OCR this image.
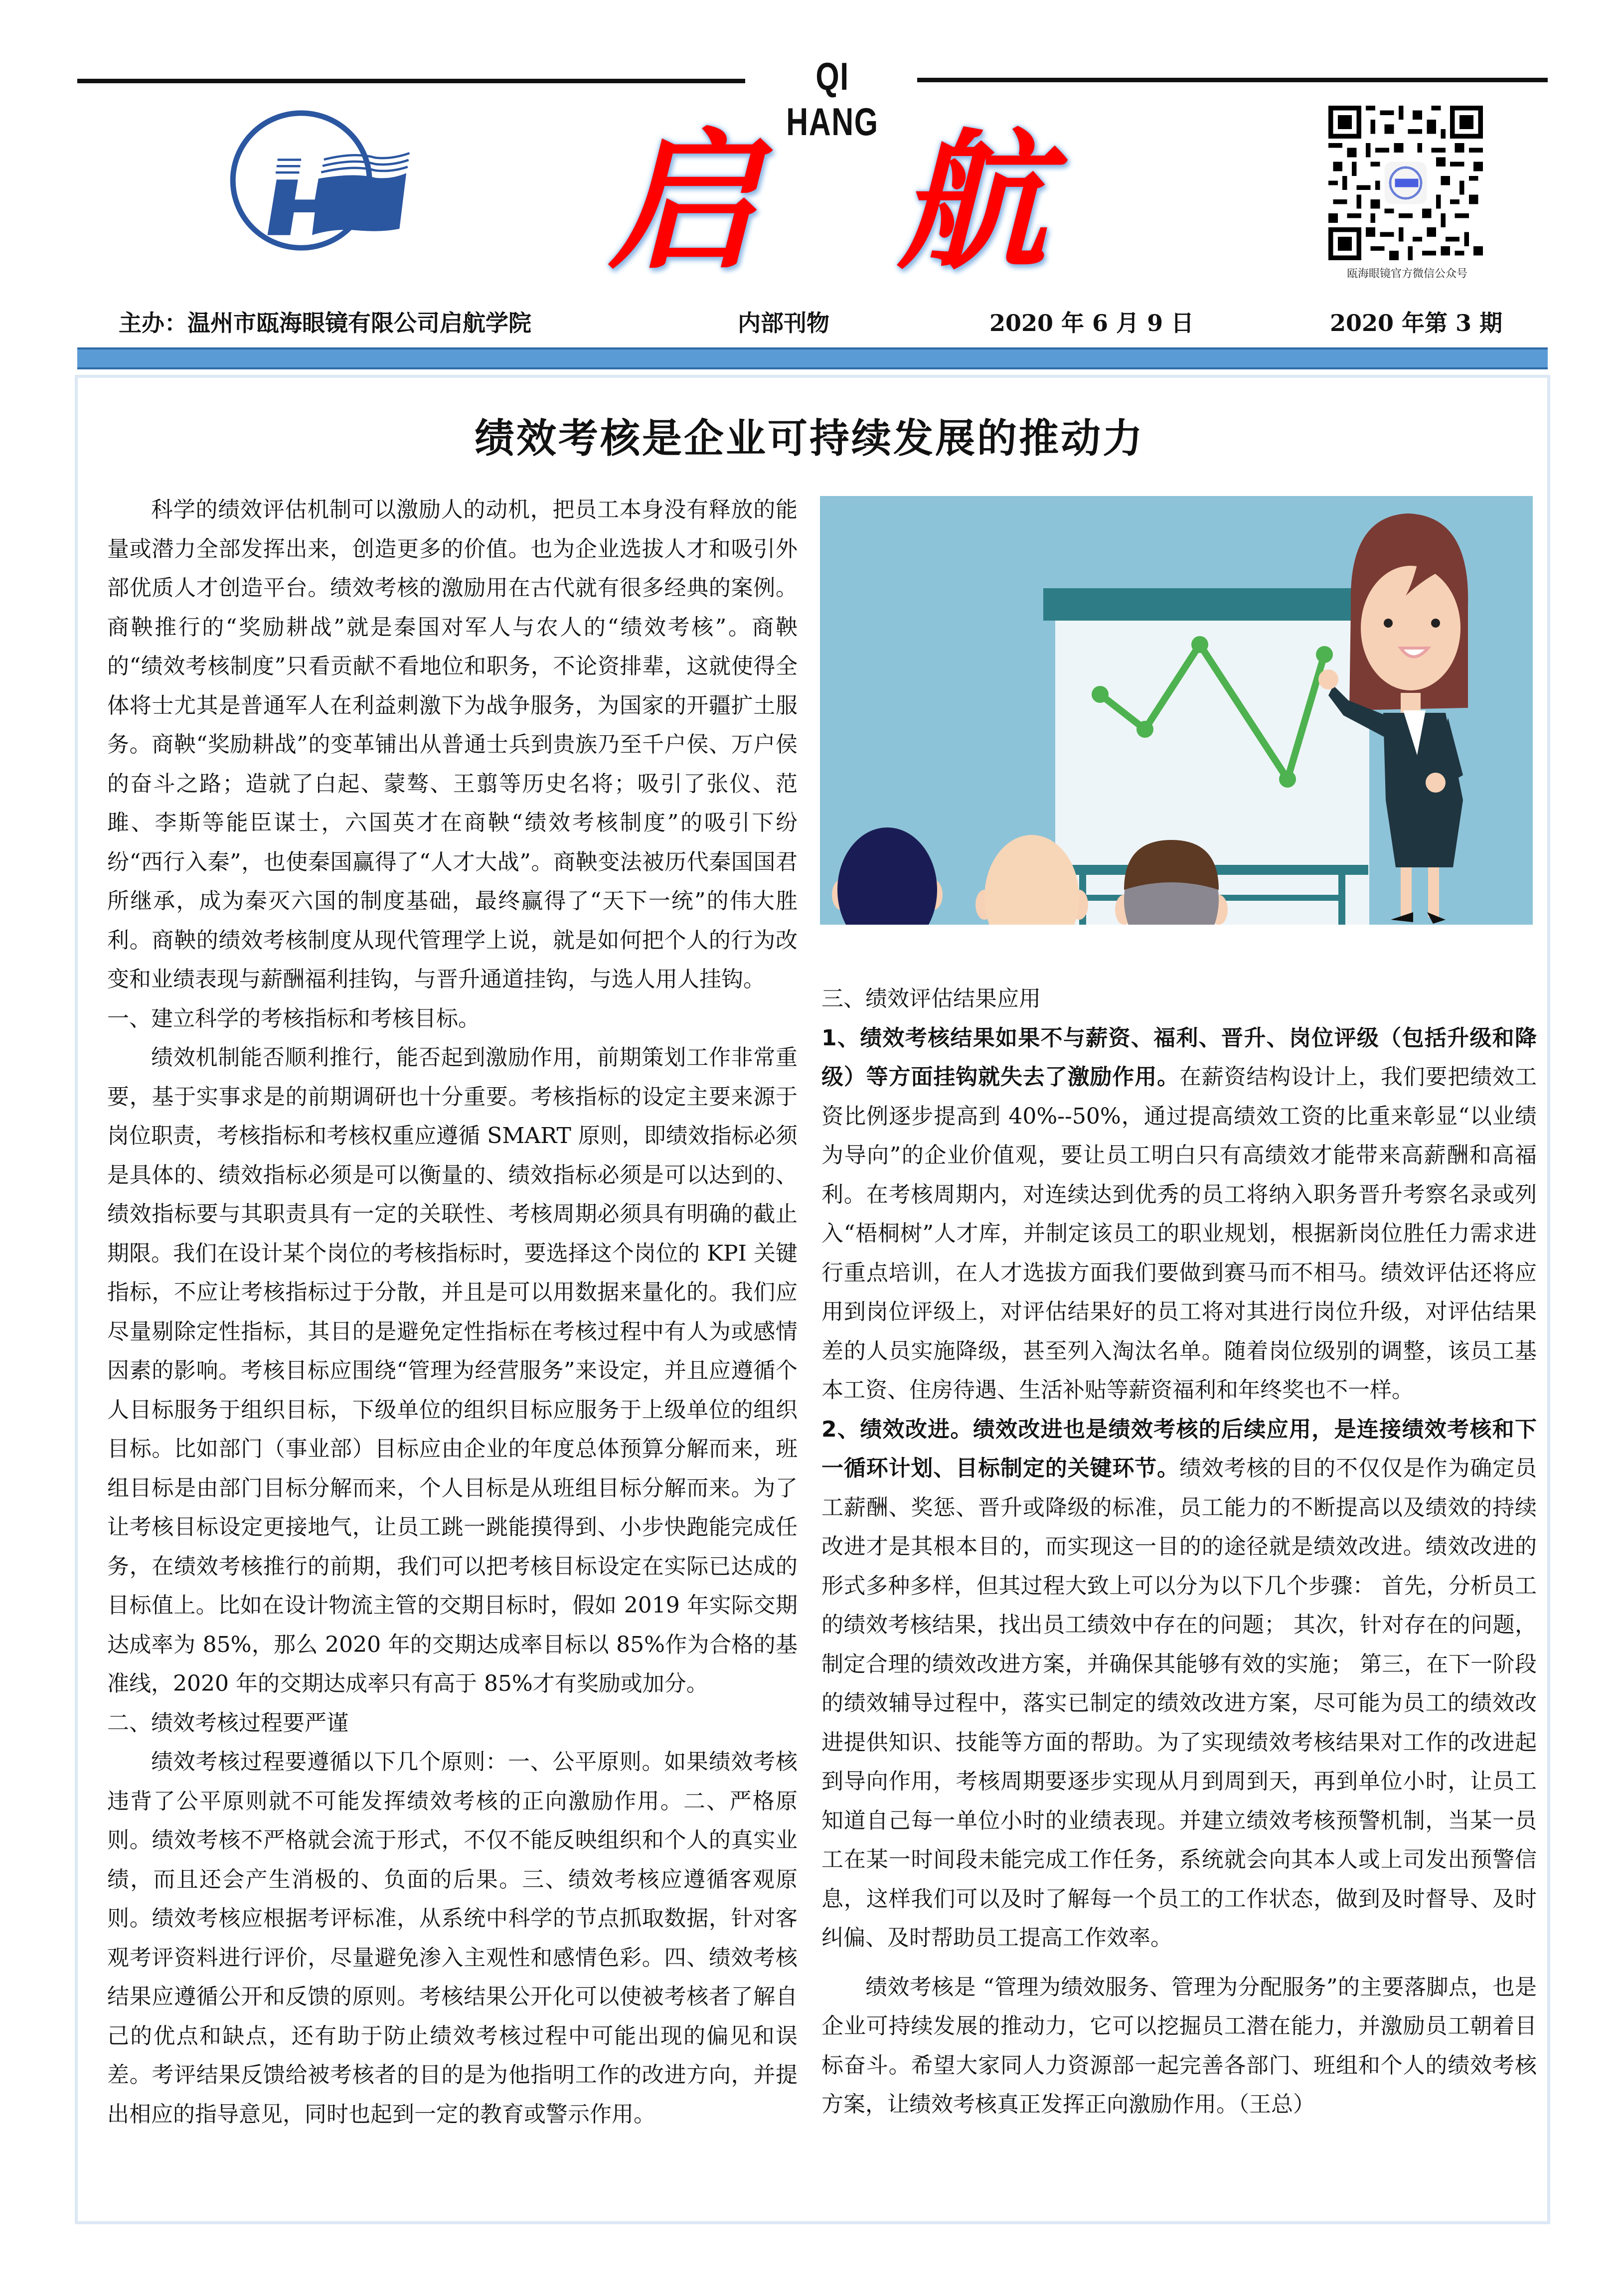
QI HANG
启 航	瓯海眼镜官方微信公众号
主办：温州市瓯海眼镜有限公司启航学院	内部刊物	2020 年 6 月 9 日	2020 年第 3 期
绩效考核是企业可持续发展的推动力

科学的绩效评估机制可以激励人的动机，把员工本身没有释放的能量或潜力全部发挥出来，创造更多的价值。也为企业选拔人才和吸引外部优质人才创造平台。绩效考核的激励用在古代就有很多经典的案例。商鞅推行的“奖励耕战”就是秦国对军人与农人的“绩效考核”。商鞅的“绩效考核制度”只看贡献不看地位和职务，不论资排辈，这就使得全体将士尤其是普通军人在利益刺激下为战争服务，为国家的开疆扩土服务。商鞅“奖励耕战”的变革铺出从普通士兵到贵族乃至千户侯、万户侯的奋斗之路；造就了白起、蒙骜、王翦等历史名将；吸引了张仪、范雎、李斯等能臣谋士，六国英才在商鞅“绩效考核制度”的吸引下纷纷“西行入秦”，也使秦国赢得了“人才大战”。商鞅变法被历代秦国国君所继承，成为秦灭六国的制度基础，最终赢得了“天下一统”的伟大胜利。商鞅的绩效考核制度从现代管理学上说，就是如何把个人的行为改变和业绩表现与薪酬福利挂钩，与晋升通道挂钩，与选人用人挂钩。

一、建立科学的考核指标和考核目标。

绩效机制能否顺利推行，能否起到激励作用，前期策划工作非常重要，基于实事求是的前期调研也十分重要。考核指标的设定主要来源于岗位职责，考核指标和考核权重应遵循 SMART 原则，即绩效指标必须是具体的、绩效指标必须是可以衡量的、绩效指标必须是可以达到的、绩效指标要与其职责具有一定的关联性、考核周期必须具有明确的截止期限。我们在设计某个岗位的考核指标时，要选择这个岗位的 KPI 关键指标，不应让考核指标过于分散，并且是可以用数据来量化的。我们应尽量剔除定性指标，其目的是避免定性指标在考核过程中有人为或感情因素的影响。考核目标应围绕“管理为经营服务”来设定，并且应遵循个人目标服务于组织目标，下级单位的组织目标应服务于上级单位的组织目标。比如部门（事业部）目标应由企业的年度总体预算分解而来，班组目标是由部门目标分解而来，个人目标是从班组目标分解而来。为了让考核目标设定更接地气，让员工跳一跳能摸得到、小步快跑能完成任务，在绩效考核推行的前期，我们可以把考核目标设定在实际已达成的目标值上。比如在设计物流主管的交期目标时，假如 2019 年实际交期达成率为 85%，那么 2020 年的交期达成率目标以 85%作为合格的基准线，2020 年的交期达成率只有高于 85%才有奖励或加分。

二、绩效考核过程要严谨

绩效考核过程要遵循以下几个原则：一、公平原则。如果绩效考核违背了公平原则就不可能发挥绩效考核的正向激励作用。二、严格原则。绩效考核不严格就会流于形式，不仅不能反映组织和个人的真实业绩，而且还会产生消极的、负面的后果。三、绩效考核应遵循客观原则。绩效考核应根据考评标准，从系统中科学的节点抓取数据，针对客观考评资料进行评价，尽量避免渗入主观性和感情色彩。四、绩效考核结果应遵循公开和反馈的原则。考核结果公开化可以使被考核者了解自己的优点和缺点，还有助于防止绩效考核过程中可能出现的偏见和误差。考评结果反馈给被考核者的目的是为他指明工作的改进方向，并提出相应的指导意见，同时也起到一定的教育或警示作用。

三、绩效评估结果应用

1、绩效考核结果如果不与薪资、福利、晋升、岗位评级（包括升级和降级）等方面挂钩就失去了激励作用。在薪资结构设计上，我们要把绩效工资比例逐步提高到 40%--50%，通过提高绩效工资的比重来彰显“以业绩为导向”的企业价值观，要让员工明白只有高绩效才能带来高薪酬和高福利。在考核周期内，对连续达到优秀的员工将纳入职务晋升考察名录或列入“梧桐树”人才库，并制定该员工的职业规划，根据新岗位胜任力需求进行重点培训，在人才选拔方面我们要做到赛马而不相马。绩效评估还将应用到岗位评级上，对评估结果好的员工将对其进行岗位升级，对评估结果差的人员实施降级，甚至列入淘汰名单。随着岗位级别的调整，该员工基本工资、住房待遇、生活补贴等薪资福利和年终奖也不一样。

2、绩效改进。绩效改进也是绩效考核的后续应用，是连接绩效考核和下一循环计划、目标制定的关键环节。绩效考核的目的不仅仅是作为确定员工薪酬、奖惩、晋升或降级的标准，员工能力的不断提高以及绩效的持续改进才是其根本目的，而实现这一目的的途径就是绩效改进。绩效改进的形式多种多样，但其过程大致上可以分为以下几个步骤： 首先，分析员工的绩效考核结果，找出员工绩效中存在的问题； 其次，针对存在的问题，制定合理的绩效改进方案，并确保其能够有效的实施； 第三，在下一阶段的绩效辅导过程中，落实已制定的绩效改进方案，尽可能为员工的绩效改进提供知识、技能等方面的帮助。为了实现绩效考核结果对工作的改进起到导向作用，考核周期要逐步实现从月到周到天，再到单位小时，让员工知道自己每一单位小时的业绩表现。并建立绩效考核预警机制，当某一员工在某一时间段未能完成工作任务，系统就会向其本人或上司发出预警信息，这样我们可以及时了解每一个员工的工作状态，做到及时督导、及时纠偏、及时帮助员工提高工作效率。

绩效考核是 “管理为绩效服务、管理为分配服务”的主要落脚点，也是企业可持续发展的推动力，它可以挖掘员工潜在能力，并激励员工朝着目标奋斗。希望大家同人力资源部一起完善各部门、班组和个人的绩效考核方案，让绩效考核真正发挥正向激励作用。（王总）
